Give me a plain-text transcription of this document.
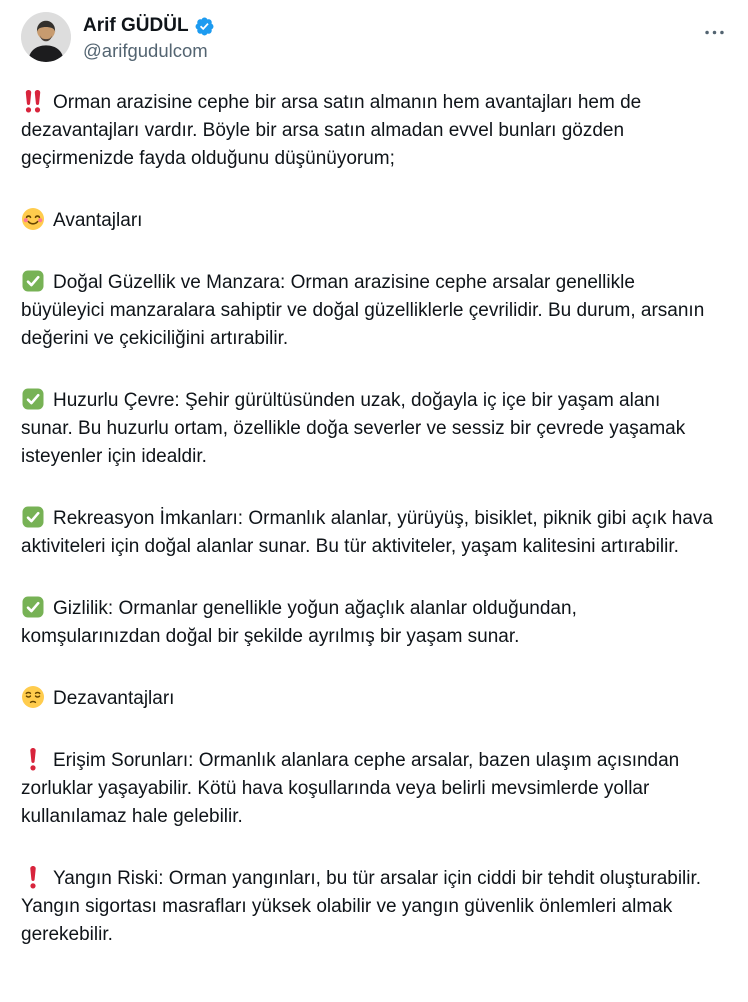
Arif GÜDÜL
@arifgudulcom

Orman arazisine cephe bir arsa satın almanın hem avantajları hem de dezavantajları vardır. Böyle bir arsa satın almadan evvel bunları gözden geçirmenizde fayda olduğunu düşünüyorum;

Avantajları

Doğal Güzellik ve Manzara: Orman arazisine cephe arsalar genellikle büyüleyici manzaralara sahiptir ve doğal güzelliklerle çevrilidir. Bu durum, arsanın değerini ve çekiciliğini artırabilir.

Huzurlu Çevre: Şehir gürültüsünden uzak, doğayla iç içe bir yaşam alanı sunar. Bu huzurlu ortam, özellikle doğa severler ve sessiz bir çevrede yaşamak isteyenler için idealdir.

Rekreasyon İmkanları: Ormanlık alanlar, yürüyüş, bisiklet, piknik gibi açık hava aktiviteleri için doğal alanlar sunar. Bu tür aktiviteler, yaşam kalitesini artırabilir.

Gizlilik: Ormanlar genellikle yoğun ağaçlık alanlar olduğundan, komşularınızdan doğal bir şekilde ayrılmış bir yaşam sunar.

Dezavantajları

Erişim Sorunları: Ormanlık alanlara cephe arsalar, bazen ulaşım açısından zorluklar yaşayabilir. Kötü hava koşullarında veya belirli mevsimlerde yollar kullanılamaz hale gelebilir.

Yangın Riski: Orman yangınları, bu tür arsalar için ciddi bir tehdit oluşturabilir. Yangın sigortası masrafları yüksek olabilir ve yangın güvenlik önlemleri almak gerekebilir.
